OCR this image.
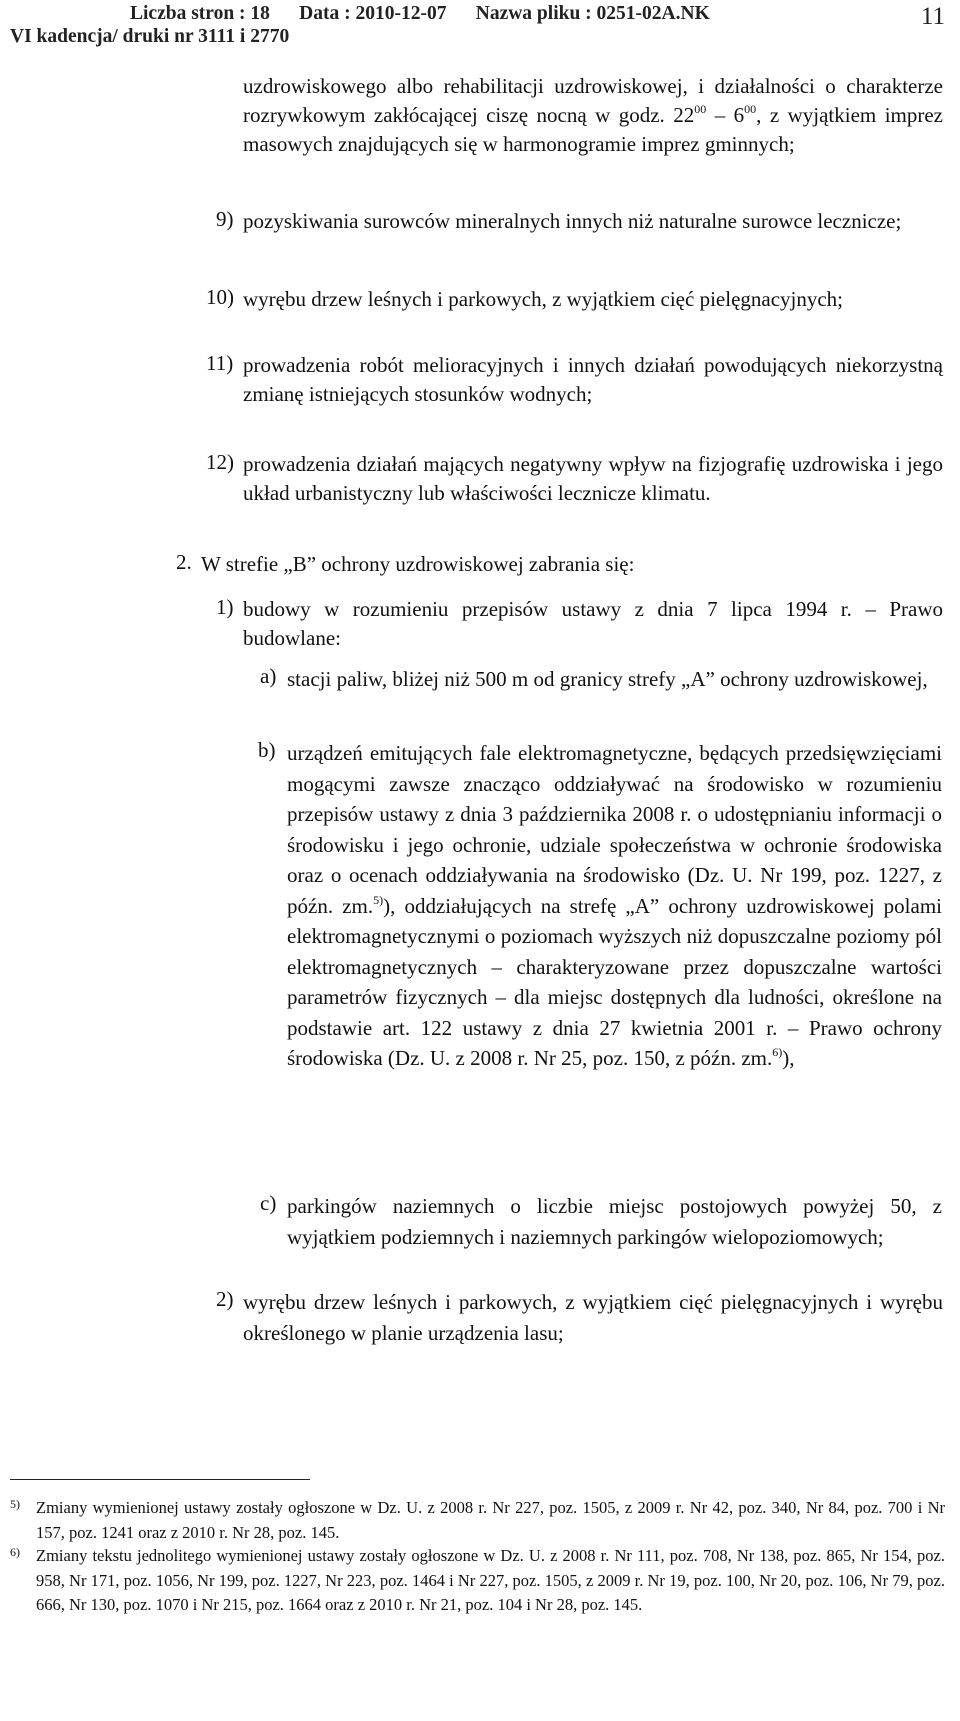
Liczba stron : 18      Data : 2010-12-07      Nazwa pliku : 0251-02A.NK
VI kadencja/ druki nr 3111 i 2770
11
uzdrowiskowego albo rehabilitacji uzdrowiskowej, i działalności o charakterze rozrywkowym zakłócającej ciszę nocną w godz. $22^{00} - 6^{00}$, z wyjątkiem imprez masowych znajdujących się w harmonogramie imprez gminnych;
9) pozyskiwania surowców mineralnych innych niż naturalne surowce lecznicze;
10) wyrębu drzew leśnych i parkowych, z wyjątkiem cięć pielęgnacyjnych;
11) prowadzenia robót melioracyjnych i innych działań powodujących niekorzystną zmianę istniejących stosunków wodnych;
12) prowadzenia działań mających negatywny wpływ na fizjografię uzdrowiska i jego układ urbanistyczny lub właściwości lecznicze klimatu.
2. W strefie „B” ochrony uzdrowiskowej zabrania się:
1) budowy w rozumieniu przepisów ustawy z dnia 7 lipca 1994 r. – Prawo budowlane:
a) stacji paliw, bliżej niż 500 m od granicy strefy „A” ochrony uzdrowiskowej,
b) urządzeń emitujących fale elektromagnetyczne, będących przedsięwzięciami mogącymi zawsze znacząco oddziaływać na środowisko w rozumieniu przepisów ustawy z dnia 3 października 2008 r. o udostępnianiu informacji o środowisku i jego ochronie, udziale społeczeństwa w ochronie środowiska oraz o ocenach oddziaływania na środowisko (Dz. U. Nr 199, poz. 1227, z późn. zm.$^{5)}$), oddziałujących na strefę „A” ochrony uzdrowiskowej polami elektromagnetycznymi o poziomach wyższych niż dopuszczalne poziomy pól elektromagnetycznych – charakteryzowane przez dopuszczalne wartości parametrów fizycznych – dla miejsc dostępnych dla ludności, określone na podstawie art. 122 ustawy z dnia 27 kwietnia 2001 r. – Prawo ochrony środowiska (Dz. U. z 2008 r. Nr 25, poz. 150, z późn. zm.$^{6)}$),
c) parkingów naziemnych o liczbie miejsc postojowych powyżej 50, z wyjątkiem podziemnych i naziemnych parkingów wielopoziomowych;
2) wyrębu drzew leśnych i parkowych, z wyjątkiem cięć pielęgnacyjnych i wyrębu określonego w planie urządzenia lasu;
5) Zmiany wymienionej ustawy zostały ogłoszone w Dz. U. z 2008 r. Nr 227, poz. 1505, z 2009 r. Nr 42, poz. 340, Nr 84, poz. 700 i Nr 157, poz. 1241 oraz z 2010 r. Nr 28, poz. 145.
6) Zmiany tekstu jednolitego wymienionej ustawy zostały ogłoszone w Dz. U. z 2008 r. Nr 111, poz. 708, Nr 138, poz. 865, Nr 154, poz. 958, Nr 171, poz. 1056, Nr 199, poz. 1227, Nr 223, poz. 1464 i Nr 227, poz. 1505, z 2009 r. Nr 19, poz. 100, Nr 20, poz. 106, Nr 79, poz. 666, Nr 130, poz. 1070 i Nr 215, poz. 1664 oraz z 2010 r. Nr 21, poz. 104 i Nr 28, poz. 145.
